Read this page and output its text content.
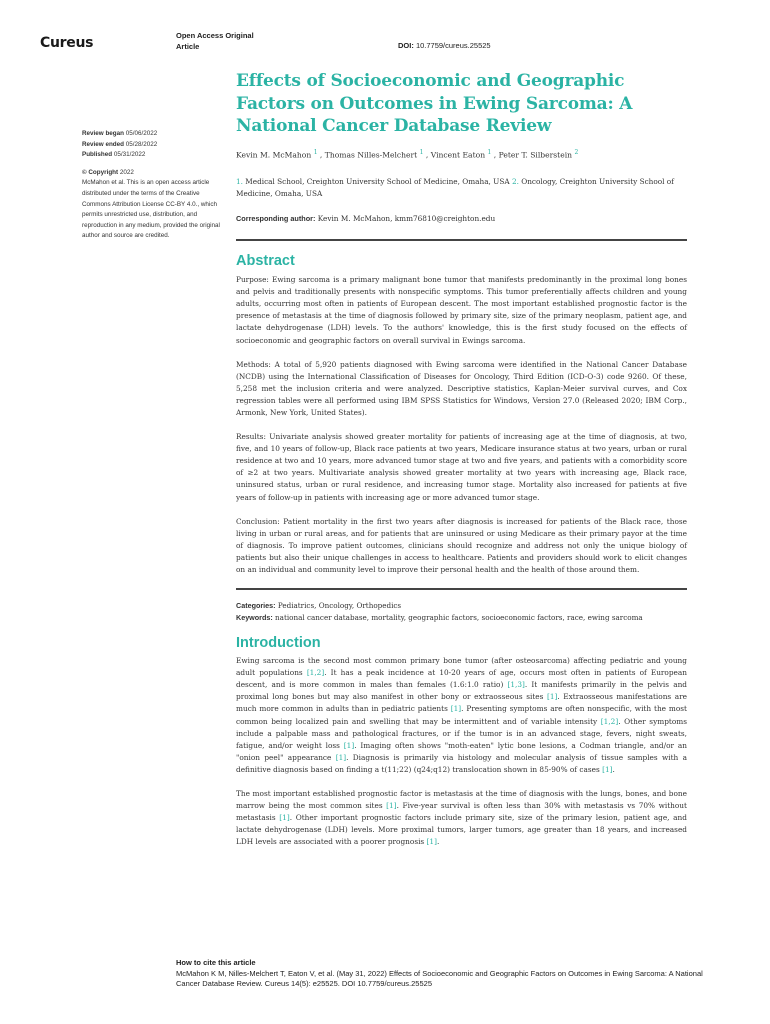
Cureus	Open Access Original
Article	DOI: 10.7759/cureus.25525
Review began 05/06/2022
Review ended 05/28/2022
Published 05/31/2022
© Copyright 2022
McMahon et al. This is an open access article distributed under the terms of the Creative Commons Attribution License CC-BY 4.0., which permits unrestricted use, distribution, and reproduction in any medium, provided the original author and source are credited.
Effects of Socioeconomic and Geographic Factors on Outcomes in Ewing Sarcoma: A National Cancer Database Review
Kevin M. McMahon $^1$ , Thomas Nilles-Melchert $^1$ , Vincent Eaton $^1$ , Peter T. Silberstein $^2$
1. Medical School, Creighton University School of Medicine, Omaha, USA 2. Oncology, Creighton University School of Medicine, Omaha, USA
Corresponding author: Kevin M. McMahon, kmm76810@creighton.edu
Abstract
Purpose: Ewing sarcoma is a primary malignant bone tumor that manifests predominantly in the proximal long bones and pelvis and traditionally presents with nonspecific symptoms. This tumor preferentially affects children and young adults, occurring most often in patients of European descent. The most important established prognostic factor is the presence of metastasis at the time of diagnosis followed by primary site, size of the primary neoplasm, patient age, and lactate dehydrogenase (LDH) levels. To the authors' knowledge, this is the first study focused on the effects of socioeconomic and geographic factors on overall survival in Ewings sarcoma.
Methods: A total of 5,920 patients diagnosed with Ewing sarcoma were identified in the National Cancer Database (NCDB) using the International Classification of Diseases for Oncology, Third Edition (ICD-O-3) code 9260. Of these, 5,258 met the inclusion criteria and were analyzed. Descriptive statistics, Kaplan-Meier survival curves, and Cox regression tables were all performed using IBM SPSS Statistics for Windows, Version 27.0 (Released 2020; IBM Corp., Armonk, New York, United States).
Results: Univariate analysis showed greater mortality for patients of increasing age at the time of diagnosis, at two, five, and 10 years of follow-up, Black race patients at two years, Medicare insurance status at two years, urban or rural residence at two and 10 years, more advanced tumor stage at two and five years, and patients with a comorbidity score of ≥2 at two years. Multivariate analysis showed greater mortality at two years with increasing age, Black race, uninsured status, urban or rural residence, and increasing tumor stage. Mortality also increased for patients at five years of follow-up in patients with increasing age or more advanced tumor stage.
Conclusion: Patient mortality in the first two years after diagnosis is increased for patients of the Black race, those living in urban or rural areas, and for patients that are uninsured or using Medicare as their primary payor at the time of diagnosis. To improve patient outcomes, clinicians should recognize and address not only the unique biology of patients but also their unique challenges in access to healthcare. Patients and providers should work to elicit changes on an individual and community level to improve their personal health and the health of those around them.
Categories: Pediatrics, Oncology, Orthopedics
Keywords: national cancer database, mortality, geographic factors, socioeconomic factors, race, ewing sarcoma
Introduction
Ewing sarcoma is the second most common primary bone tumor (after osteosarcoma) affecting pediatric and young adult populations [1,2]. It has a peak incidence at 10-20 years of age, occurs most often in patients of European descent, and is more common in males than females (1.6:1.0 ratio) [1,3]. It manifests primarily in the pelvis and proximal long bones but may also manifest in other bony or extraosseous sites [1]. Extraosseous manifestations are much more common in adults than in pediatric patients [1]. Presenting symptoms are often nonspecific, with the most common being localized pain and swelling that may be intermittent and of variable intensity [1,2]. Other symptoms include a palpable mass and pathological fractures, or if the tumor is in an advanced stage, fevers, night sweats, fatigue, and/or weight loss [1]. Imaging often shows "moth-eaten" lytic bone lesions, a Codman triangle, and/or an "onion peel" appearance [1]. Diagnosis is primarily via histology and molecular analysis of tissue samples with a definitive diagnosis based on finding a t(11;22) (q24;q12) translocation shown in 85-90% of cases [1].
The most important established prognostic factor is metastasis at the time of diagnosis with the lungs, bones, and bone marrow being the most common sites [1]. Five-year survival is often less than 30% with metastasis vs 70% without metastasis [1]. Other important prognostic factors include primary site, size of the primary lesion, patient age, and lactate dehydrogenase (LDH) levels. More proximal tumors, larger tumors, age greater than 18 years, and increased LDH levels are associated with a poorer prognosis [1].
How to cite this article
McMahon K M, Nilles-Melchert T, Eaton V, et al. (May 31, 2022) Effects of Socioeconomic and Geographic Factors on Outcomes in Ewing Sarcoma: A National Cancer Database Review. Cureus 14(5): e25525. DOI 10.7759/cureus.25525
